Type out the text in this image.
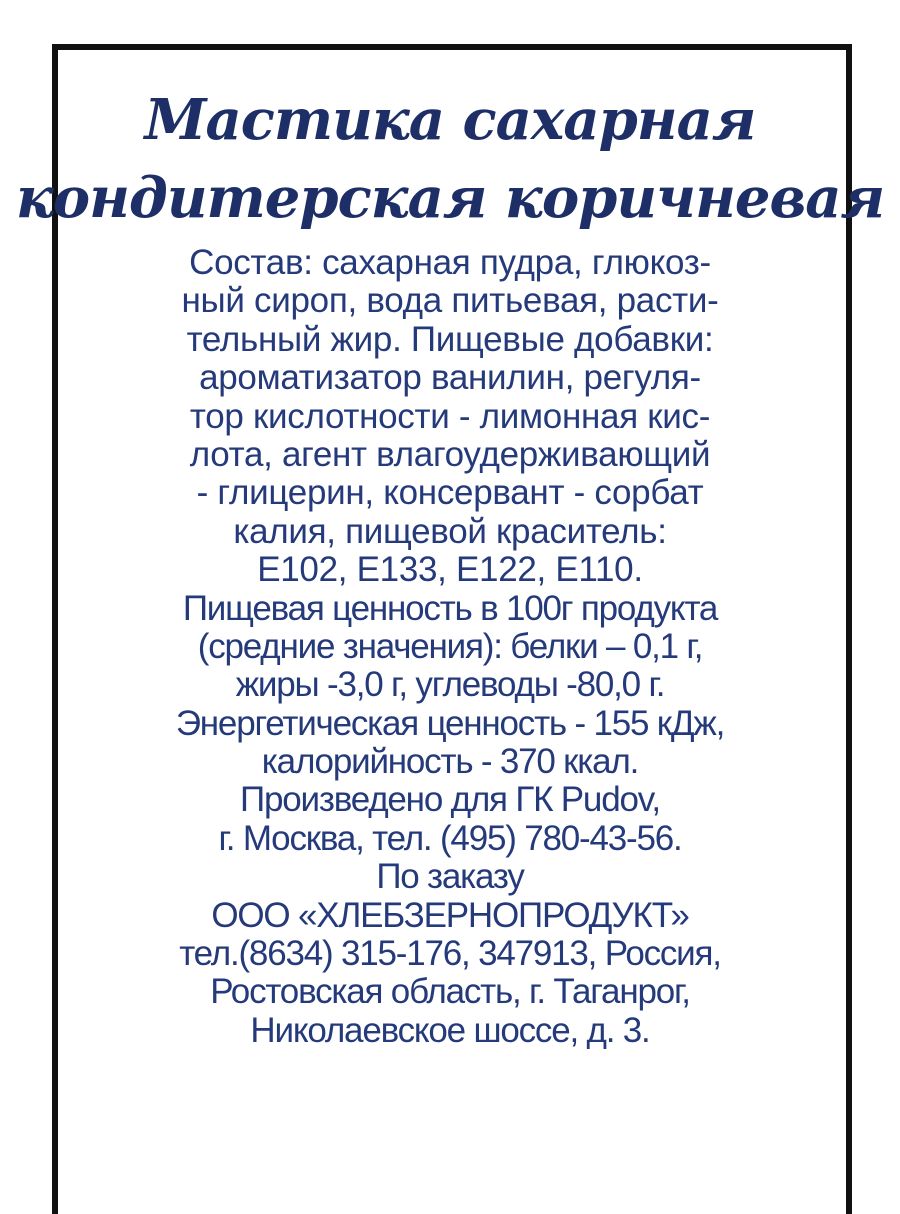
Мастика сахарная
кондитерская коричневая
Состав: сахарная пудра, глюкоз-
ный сироп, вода питьевая, расти-
тельный жир. Пищевые добавки:
ароматизатор ванилин, регуля-
тор кислотности - лимонная кис-
лота, агент влагоудерживающий
- глицерин, консервант - сорбат
калия, пищевой краситель:
Е102, Е133, Е122, Е110.
Пищевая ценность в 100г продукта
(средние значения): белки – 0,1 г,
жиры -3,0 г, углеводы -80,0 г.
Энергетическая ценность - 155 кДж,
калорийность - 370 ккал.
Произведено для ГК Pudov,
г. Москва, тел. (495) 780-43-56.
По заказу
ООО «ХЛЕБЗЕРНОПРОДУКТ»
тел.(8634) 315-176, 347913, Россия,
Ростовская область, г. Таганрог,
Николаевское шоссе, д. 3.
